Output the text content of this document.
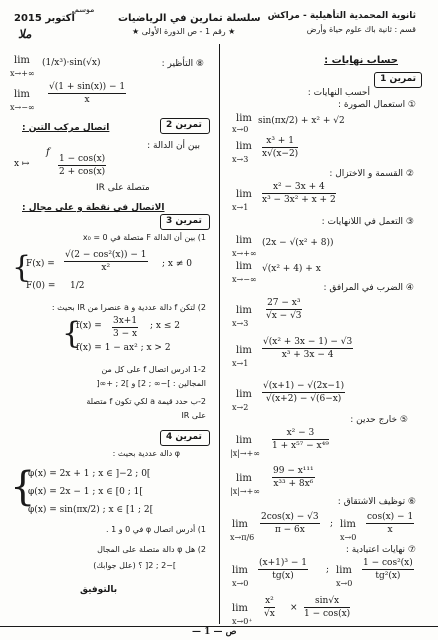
ثانوية المحمدية التأهيلية - مراكش
قسم : ثانية باك علوم حياة وأرض
سلسلة تمارين في الرياضيات
★ رقم 1 - ص الدورة الأولى ★
موسم
أكتوبر 2015
ملا
حساب نهايات :
تمرين 1
أحسب النهايات :
① استعمال الصورة :
lim
x→0
sin(πx/2) + x² + √2
lim
x→3
$\frac{\text{x³ + 1}}{x√(x-2)}$
② القسمة و الاختزال :
lim
x→1
$\frac{\text{x² − 3x + 4}}{\text{x³ − 3x² + x + 2}}$
③ التعمل في اللانهايات :
lim
x→+∞
(2x − √(x² + 8))
lim
x→−∞
√(x² + 4) + x
④ الضرب في المرافق :
lim
x→3
$\frac{\text{27 − x³}}{√x - √3}$
lim
x→1
$\frac{\text{√(x² + 3x − 1) − √3}}{\text{x³ + 3x − 4}}$
lim
x→2
$\frac{√(x+1) - √(2x-1)}{√(x+2) - √(6-x)}$
⑤ خارج حدين :
lim
|x|→+∞
$\frac{\text{x² − 3}}{\text{1 + x⁵⁷ − x⁴⁹}}$
lim
|x|→+∞
$\frac{\text{99 − x¹¹¹}}{\text{x³³ + 8x⁶}}$
⑥ توظيف الاشتقاق :
lim
x→π/6
$\frac{2\cos(x) - √3}{\pi - 6x}$ ; lim
x→0
$\frac{\cos(x) - 1}{x}$
⑦ نهايات اعتيادية :
lim
x→0
$\frac{\text{(x+1)³ − 1}}{tg(x)}$ ; lim
x→0
$\frac{\text{1 − cos²(x)}}{\text{tg²(x)}}$
lim
x→0⁺
$\frac{\text{x²}}{√x} \times \frac{\sin√x}{1 - \cos(x)}$
⑧ التأظير :
lim
x→+∞
(1/x³)·sin(√x)
lim
x→−∞
$\frac{√(1 + \sin(x)) - 1}{x}$
تمرين 2
اتصال مركب التين :
بين أن الدالة :
f
x ↦	$\frac{1 - \cos(x)}{2 + \cos(x)}$
متصلة على IR
الاتصال في نقطة و على مجال :
تمرين 3
1) بين أن الدالة F متصلة في x₀ = 0
{
$F(x) = \frac{\text{√(2 − cos²(x)) − 1}}{\text{x²}}$ ; x ≠ 0
F(0) = 1/2
2) لتكن f دالة عددية و a عنصرا من IR بحيث :
{
$f(x) = \frac{3x+1}{3 - x}$ ; x ≤ 2
f(x) = 1 − ax² ; x > 2
1-2 ادرس اتصال f على كل من
المجالين : ]−∞ ; 2] و ]2 ; +∞[
2-ب حدد قيمة a لكي تكون f متصلة
على IR
تمرين 4
φ دالة عددية بحيث :
{
φ(x) = 2x + 1 ; x ∈ ]−2 ; 0[
φ(x) = 2x − 1 ; x ∈ [0 ; 1[
φ(x) = sin(πx/2) ; x ∈ [1 ; 2[
1) أدرس اتصال φ في 0 و 1 .
2) هل φ دالة متصلة على المجال
]−2 ; 2[ ؟ (علل جوابك)
بالتوفيق
— 1 — ص
